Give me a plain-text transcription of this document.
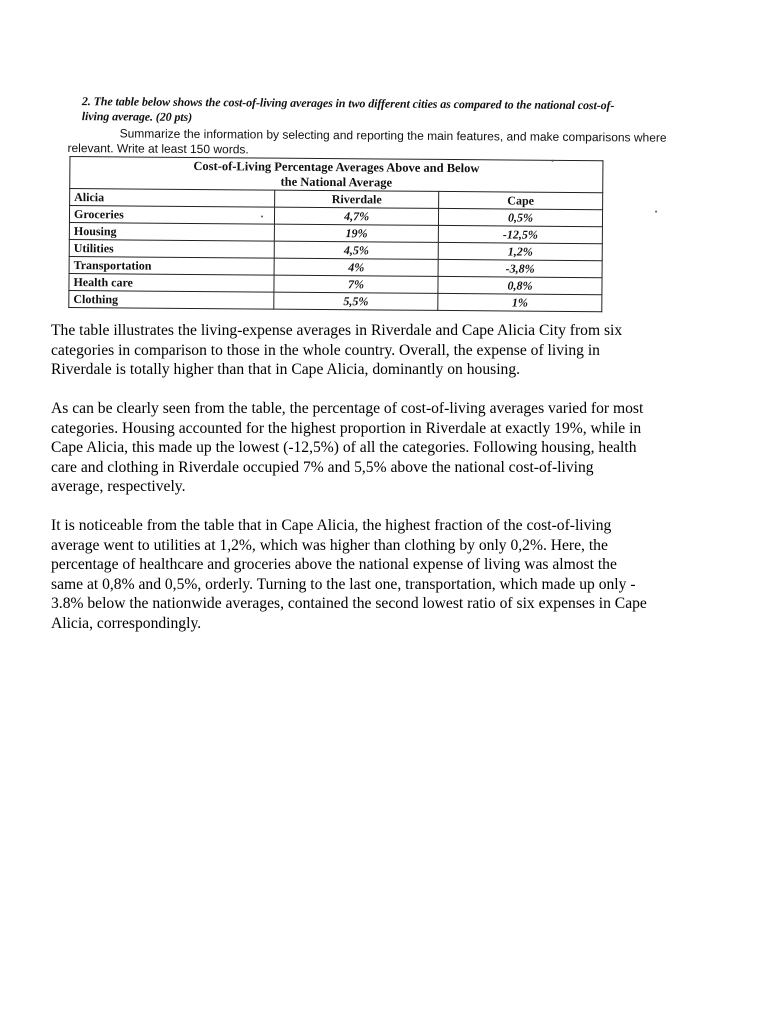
2. The table below shows the cost-of-living averages in two different cities as compared to the national cost-of-
living average. (20 pts)
Summarize the information by selecting and reporting the main features, and make comparisons where
relevant. Write at least 150 words.
Cost-of-Living Percentage Averages Above and Below
the National Average		
Alicia	Riverdale	Cape
Groceries	4,7%	0,5%
Housing	19%	-12,5%
Utilities	4,5%	1,2%
Transportation	4%	-3,8%
Health care	7%	0,8%
Clothing	5,5%	1%

The table illustrates the living-expense averages in Riverdale and Cape Alicia City from six
categories in comparison to those in the whole country. Overall, the expense of living in
Riverdale is totally higher than that in Cape Alicia, dominantly on housing.

As can be clearly seen from the table, the percentage of cost-of-living averages varied for most
categories. Housing accounted for the highest proportion in Riverdale at exactly 19%, while in
Cape Alicia, this made up the lowest (-12,5%) of all the categories. Following housing, health
care and clothing in Riverdale occupied 7% and 5,5% above the national cost-of-living
average, respectively.

It is noticeable from the table that in Cape Alicia, the highest fraction of the cost-of-living
average went to utilities at 1,2%, which was higher than clothing by only 0,2%. Here, the
percentage of healthcare and groceries above the national expense of living was almost the
same at 0,8% and 0,5%, orderly. Turning to the last one, transportation, which made up only -
3.8% below the nationwide averages, contained the second lowest ratio of six expenses in Cape
Alicia, correspondingly.
